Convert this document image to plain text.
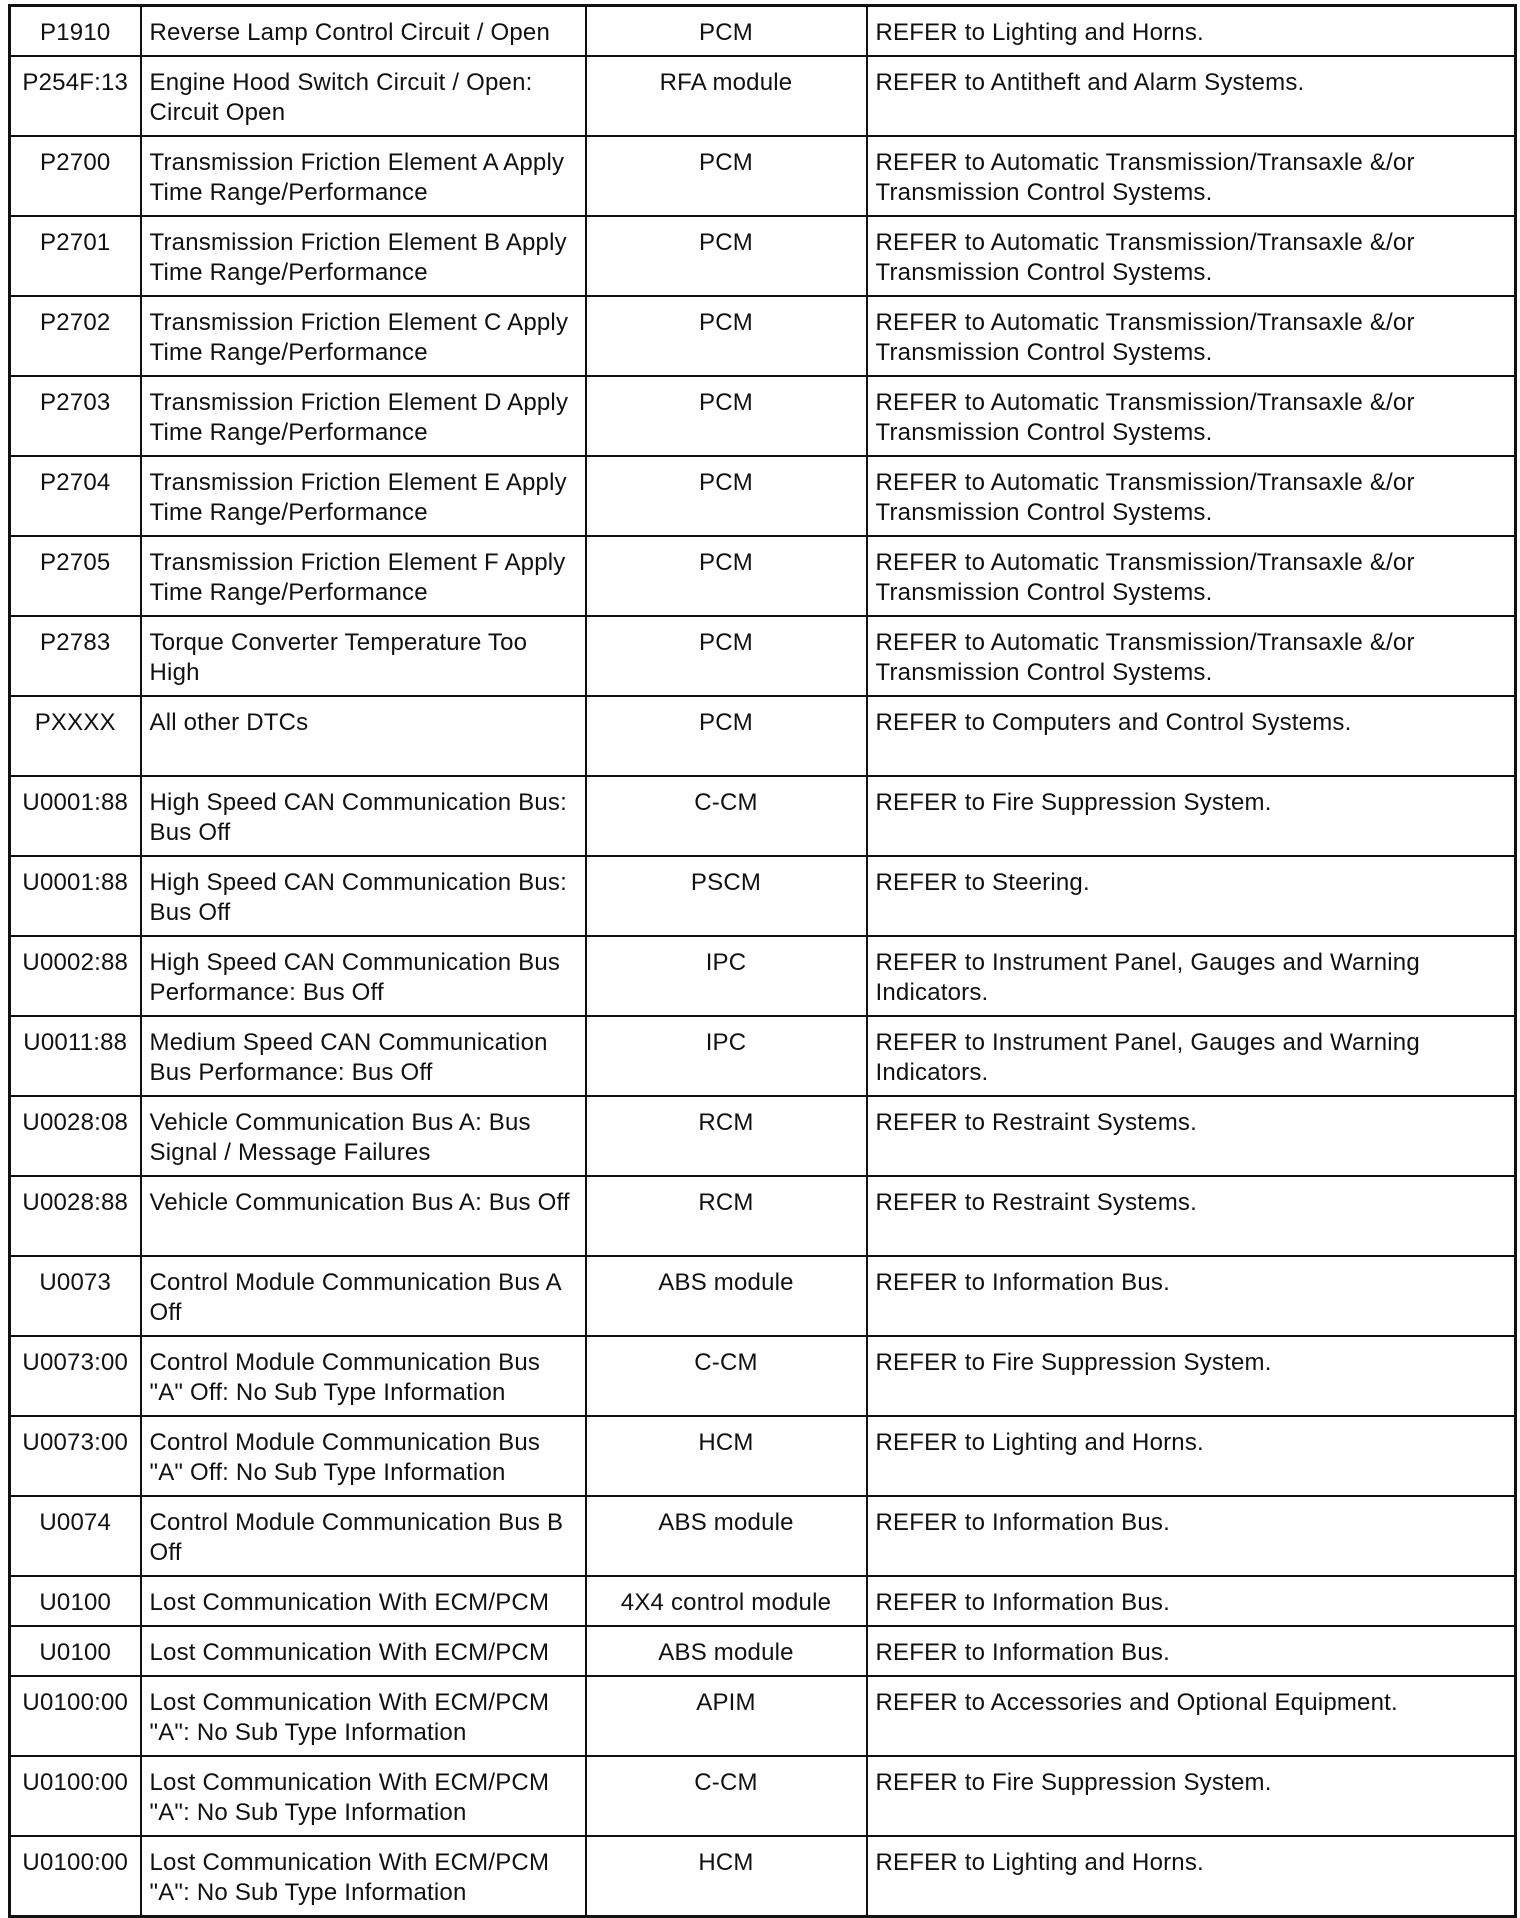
P1910	Reverse Lamp Control Circuit / Open	PCM	REFER to Lighting and Horns.
P254F:13	Engine Hood Switch Circuit / Open: Circuit Open	RFA module	REFER to Antitheft and Alarm Systems.
P2700	Transmission Friction Element A Apply Time Range/Performance	PCM	REFER to Automatic Transmission/Transaxle &/or Transmission Control Systems.
P2701	Transmission Friction Element B Apply Time Range/Performance	PCM	REFER to Automatic Transmission/Transaxle &/or Transmission Control Systems.
P2702	Transmission Friction Element C Apply Time Range/Performance	PCM	REFER to Automatic Transmission/Transaxle &/or Transmission Control Systems.
P2703	Transmission Friction Element D Apply Time Range/Performance	PCM	REFER to Automatic Transmission/Transaxle &/or Transmission Control Systems.
P2704	Transmission Friction Element E Apply Time Range/Performance	PCM	REFER to Automatic Transmission/Transaxle &/or Transmission Control Systems.
P2705	Transmission Friction Element F Apply Time Range/Performance	PCM	REFER to Automatic Transmission/Transaxle &/or Transmission Control Systems.
P2783	Torque Converter Temperature Too High	PCM	REFER to Automatic Transmission/Transaxle &/or Transmission Control Systems.
PXXXX	All other DTCs	PCM	REFER to Computers and Control Systems.
U0001:88	High Speed CAN Communication Bus: Bus Off	C-CM	REFER to Fire Suppression System.
U0001:88	High Speed CAN Communication Bus: Bus Off	PSCM	REFER to Steering.
U0002:88	High Speed CAN Communication Bus Performance: Bus Off	IPC	REFER to Instrument Panel, Gauges and Warning Indicators.
U0011:88	Medium Speed CAN Communication Bus Performance: Bus Off	IPC	REFER to Instrument Panel, Gauges and Warning Indicators.
U0028:08	Vehicle Communication Bus A: Bus Signal / Message Failures	RCM	REFER to Restraint Systems.
U0028:88	Vehicle Communication Bus A: Bus Off	RCM	REFER to Restraint Systems.
U0073	Control Module Communication Bus A Off	ABS module	REFER to Information Bus.
U0073:00	Control Module Communication Bus "A" Off: No Sub Type Information	C-CM	REFER to Fire Suppression System.
U0073:00	Control Module Communication Bus "A" Off: No Sub Type Information	HCM	REFER to Lighting and Horns.
U0074	Control Module Communication Bus B Off	ABS module	REFER to Information Bus.
U0100	Lost Communication With ECM/PCM	4X4 control module	REFER to Information Bus.
U0100	Lost Communication With ECM/PCM	ABS module	REFER to Information Bus.
U0100:00	Lost Communication With ECM/PCM "A": No Sub Type Information	APIM	REFER to Accessories and Optional Equipment.
U0100:00	Lost Communication With ECM/PCM "A": No Sub Type Information	C-CM	REFER to Fire Suppression System.
U0100:00	Lost Communication With ECM/PCM "A": No Sub Type Information	HCM	REFER to Lighting and Horns.
